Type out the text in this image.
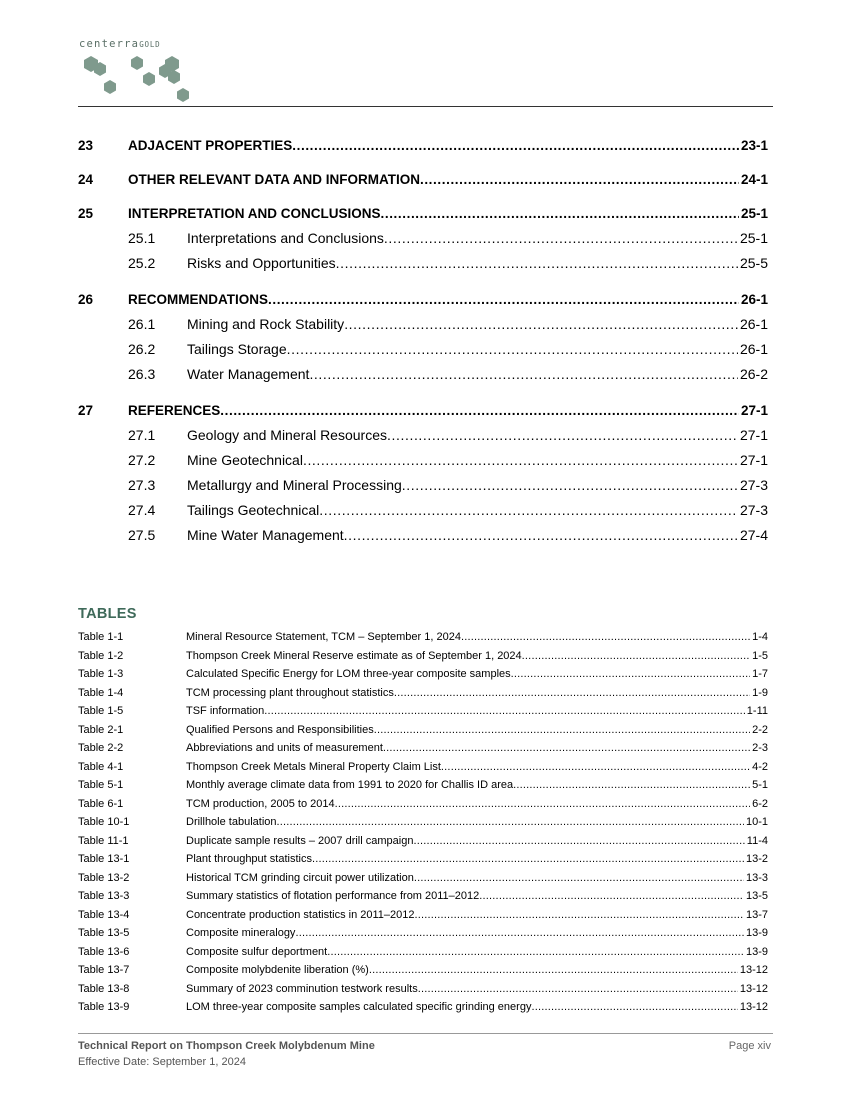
centerraGOLD
23	ADJACENT PROPERTIES .....	23-1
24	OTHER RELEVANT DATA AND INFORMATION .....	24-1
25	INTERPRETATION AND CONCLUSIONS .....	25-1
25.1	Interpretations and Conclusions .....	25-1
25.2	Risks and Opportunities .....	25-5
26	RECOMMENDATIONS .....	26-1
26.1	Mining and Rock Stability .....	26-1
26.2	Tailings Storage .....	26-1
26.3	Water Management .....	26-2
27	REFERENCES .....	27-1
27.1	Geology and Mineral Resources .....	27-1
27.2	Mine Geotechnical .....	27-1
27.3	Metallurgy and Mineral Processing .....	27-3
27.4	Tailings Geotechnical .....	27-3
27.5	Mine Water Management .....	27-4
TABLES
Table 1-1	Mineral Resource Statement, TCM – September 1, 2024 .....	1-4
Table 1-2	Thompson Creek Mineral Reserve estimate as of September 1, 2024 .....	1-5
Table 1-3	Calculated Specific Energy for LOM three-year composite samples .....	1-7
Table 1-4	TCM processing plant throughout statistics .....	1-9
Table 1-5	TSF information .....	1-11
Table 2-1	Qualified Persons and Responsibilities .....	2-2
Table 2-2	Abbreviations and units of measurement .....	2-3
Table 4-1	Thompson Creek Metals Mineral Property Claim List .....	4-2
Table 5-1	Monthly average climate data from 1991 to 2020 for Challis ID area .....	5-1
Table 6-1	TCM production, 2005 to 2014 .....	6-2
Table 10-1	Drillhole tabulation .....	10-1
Table 11-1	Duplicate sample results – 2007 drill campaign .....	11-4
Table 13-1	Plant throughput statistics .....	13-2
Table 13-2	Historical TCM grinding circuit power utilization .....	13-3
Table 13-3	Summary statistics of flotation performance from 2011–2012 .....	13-5
Table 13-4	Concentrate production statistics in 2011–2012 .....	13-7
Table 13-5	Composite mineralogy .....	13-9
Table 13-6	Composite sulfur deportment .....	13-9
Table 13-7	Composite molybdenite liberation (%) .....	13-12
Table 13-8	Summary of 2023 comminution testwork results .....	13-12
Table 13-9	LOM three-year composite samples calculated specific grinding energy .....	13-12
Technical Report on Thompson Creek Molybdenum Mine
Effective Date: September 1, 2024
Page xiv
